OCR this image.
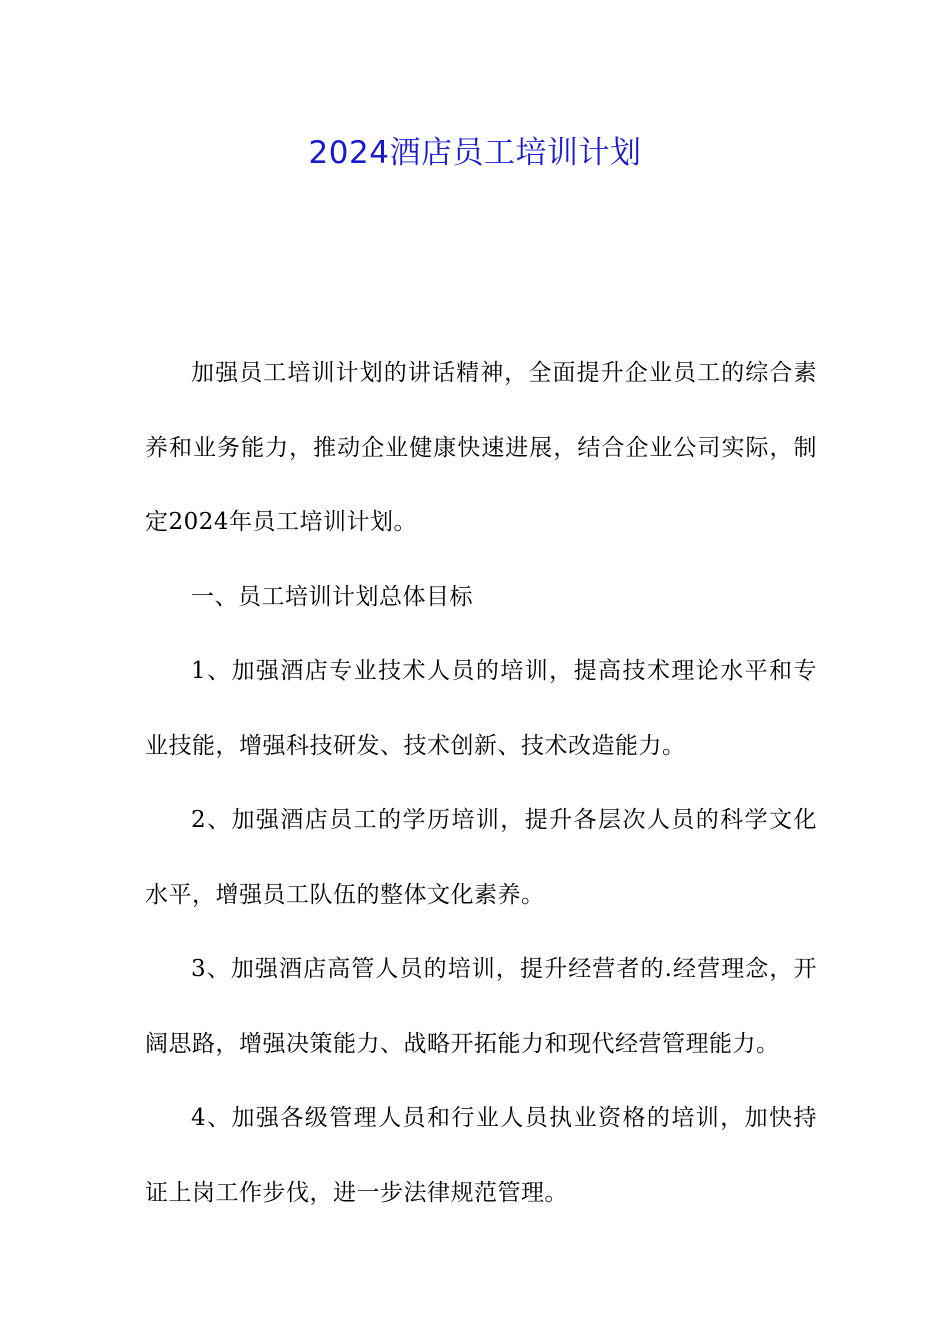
2024酒店员工培训计划

加强员工培训计划的讲话精神，全面提升企业员工的综合素养和业务能力，推动企业健康快速进展，结合企业公司实际，制定2024年员工培训计划。

一、员工培训计划总体目标

1、加强酒店专业技术人员的培训，提高技术理论水平和专业技能，增强科技研发、技术创新、技术改造能力。

2、加强酒店员工的学历培训，提升各层次人员的科学文化水平，增强员工队伍的整体文化素养。

3、加强酒店高管人员的培训，提升经营者的.经营理念，开阔思路，增强决策能力、战略开拓能力和现代经营管理能力。

4、加强各级管理人员和行业人员执业资格的培训，加快持证上岗工作步伐，进一步法律规范管理。
